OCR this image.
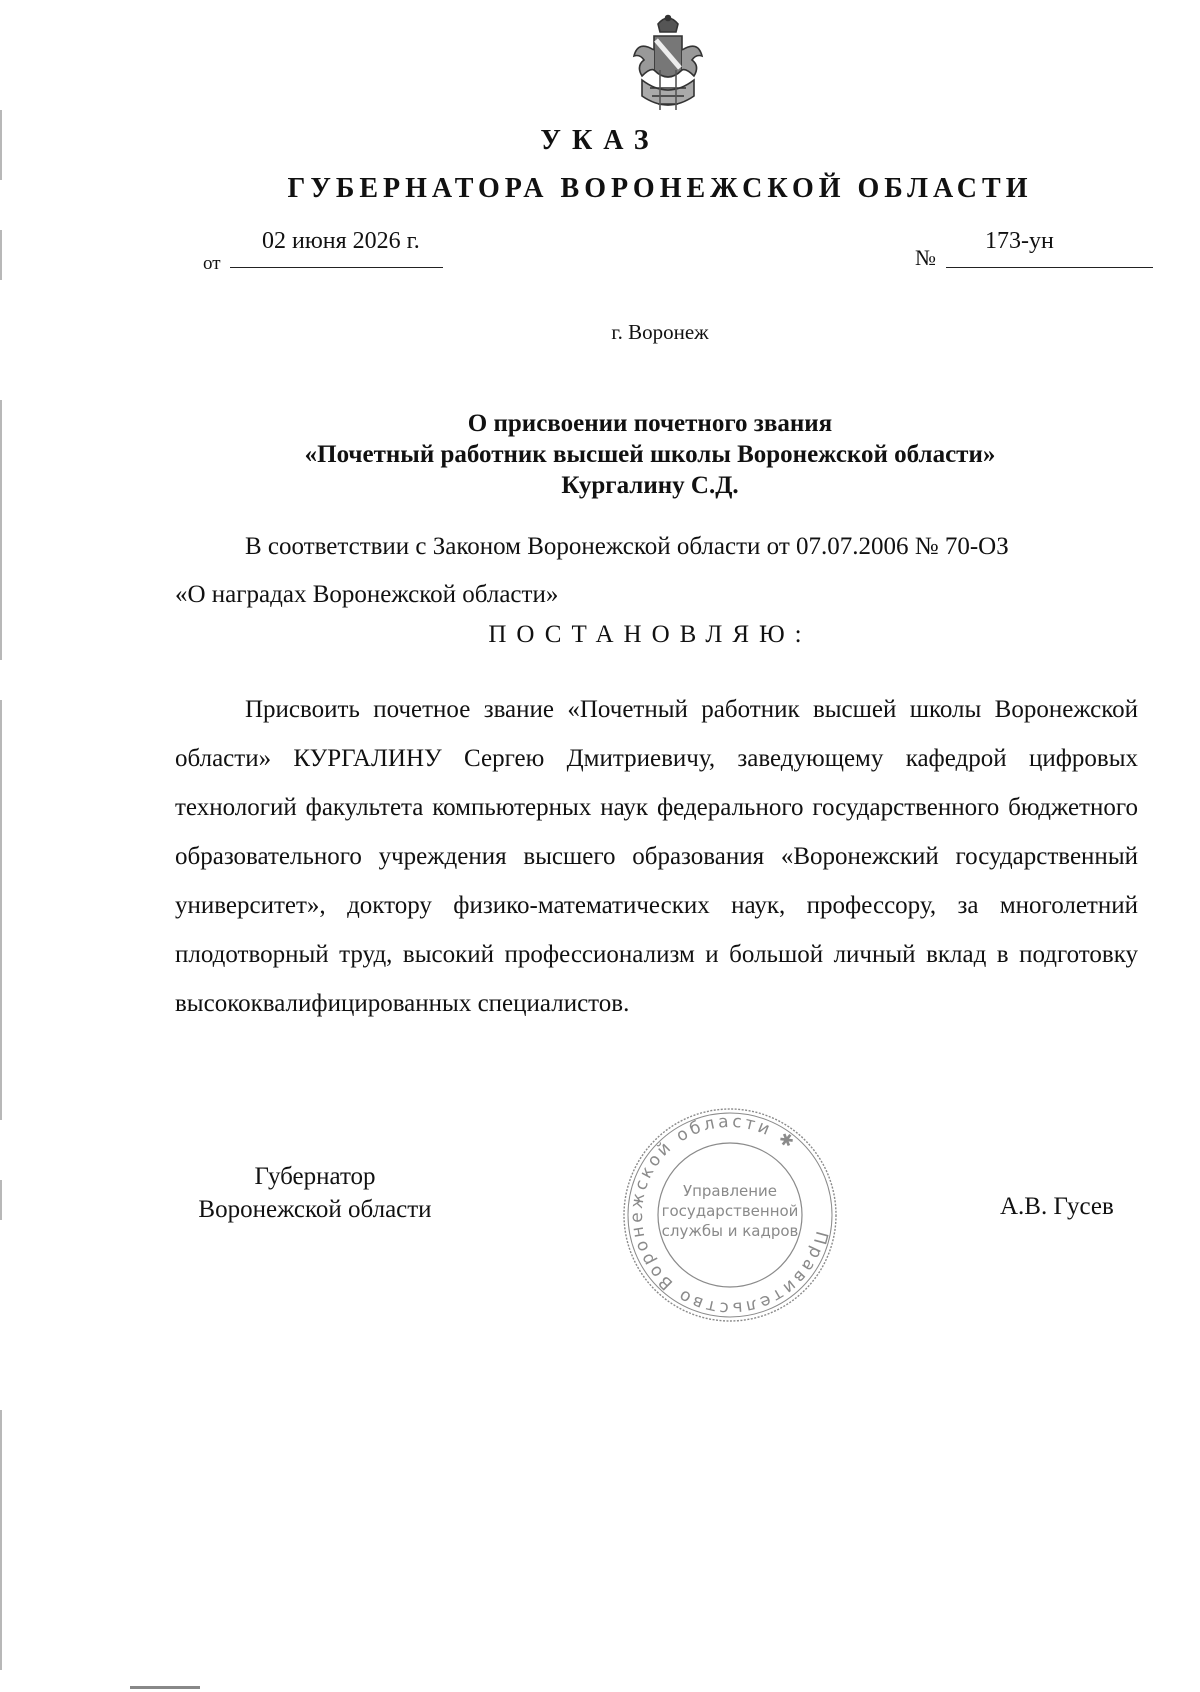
УКАЗ
ГУБЕРНАТОРА ВОРОНЕЖСКОЙ ОБЛАСТИ
от
02 июня 2026 г.
№
173-ун
г. Воронеж
О присвоении почетного звания
«Почетный работник высшей школы Воронежской области»
Кургалину С.Д.
В соответствии с Законом Воронежской области от 07.07.2006 № 70-ОЗ
«О наградах Воронежской области»
ПОСТАНОВЛЯЮ:
Присвоить почетное звание «Почетный работник высшей школы Воронежской области» КУРГАЛИНУ Сергею Дмитриевичу, заведующему кафедрой цифровых технологий факультета компьютерных наук федерального государственного бюджетного образовательного учреждения высшего образования «Воронежский государственный университет», доктору физико-математических наук, профессору, за многолетний плодотворный труд, высокий профессионализм и большой личный вклад в подготовку высококвалифицированных специалистов.
Губернатор
Воронежской области
Правительство Воронежской области ✱
Управление
государственной
службы и кадров
А.В. Гусев
